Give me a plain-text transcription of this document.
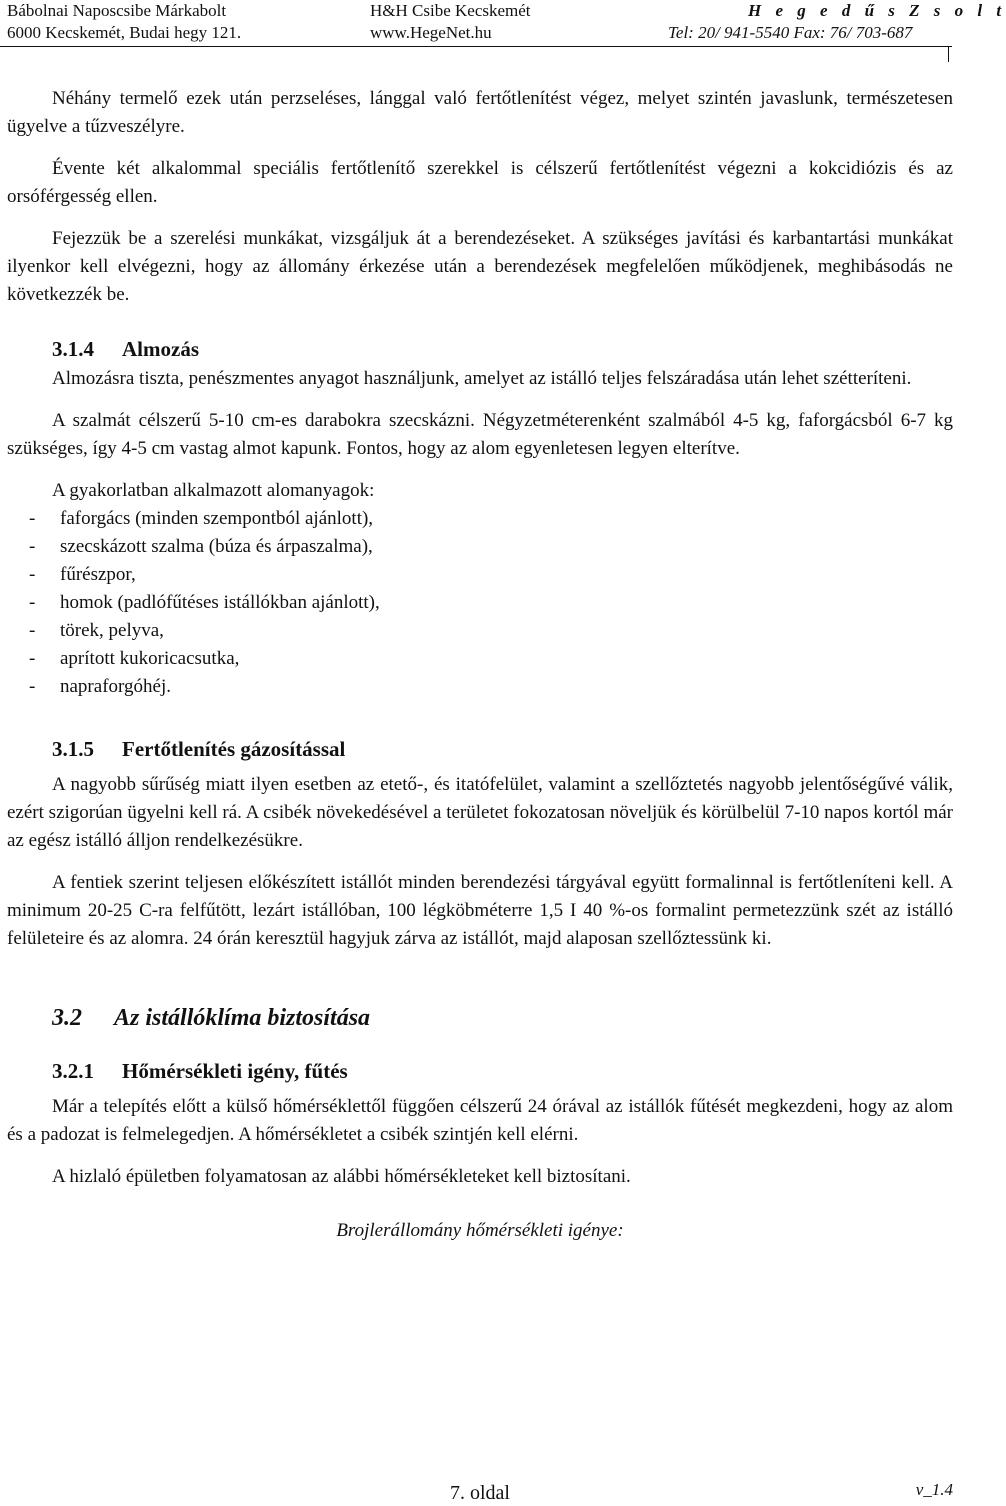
Bábolnai Naposcsibe Márkabolt
6000 Kecskemét, Budai hegy 121.
H&H Csibe Kecskemét
www.HegeNet.hu
H e g e d ű s Z s o l t
Tel: 20/ 941-5540 Fax: 76/ 703-687

Néhány termelő ezek után perzseléses, lánggal való fertőtlenítést végez, melyet szintén javaslunk, természetesen ügyelve a tűzveszélyre.

Évente két alkalommal speciális fertőtlenítő szerekkel is célszerű fertőtlenítést végezni a kokcidiózis és az orsóférgesség ellen.

Fejezzük be a szerelési munkákat, vizsgáljuk át a berendezéseket. A szükséges javítási és karbantartási munkákat ilyenkor kell elvégezni, hogy az állomány érkezése után a berendezések megfelelően működjenek, meghibásodás ne következzék be.

3.1.4 Almozás

Almozásra tiszta, penészmentes anyagot használjunk, amelyet az istálló teljes felszáradása után lehet szétteríteni.

A szalmát célszerű 5-10 cm-es darabokra szecskázni. Négyzetméterenként szalmából 4-5 kg, faforgácsból 6-7 kg szükséges, így 4-5 cm vastag almot kapunk. Fontos, hogy az alom egyenletesen legyen elterítve.

A gyakorlatban alkalmazott alomanyagok:

- faforgács (minden szempontból ajánlott),
- szecskázott szalma (búza és árpaszalma),
- fűrészpor,
- homok (padlófűtéses istállókban ajánlott),
- törek, pelyva,
- aprított kukoricacsutka,
- napraforgóhéj.
3.1.5 Fertőtlenítés gázosítással

A nagyobb sűrűség miatt ilyen esetben az etető-, és itatófelület, valamint a szellőztetés nagyobb jelentőségűvé válik, ezért szigorúan ügyelni kell rá. A csibék növekedésével a területet fokozatosan növeljük és körülbelül 7-10 napos kortól már az egész istálló álljon rendelkezésükre.

A fentiek szerint teljesen előkészített istállót minden berendezési tárgyával együtt formalinnal is fertőtleníteni kell. A minimum 20-25 C-ra felfűtött, lezárt istállóban, 100 légköbméterre 1,5 I 40 %-os formalint permetezzünk szét az istálló felületeire és az alomra. 24 órán keresztül hagyjuk zárva az istállót, majd alaposan szellőztessünk ki.

3.2 Az istállóklíma biztosítása
3.2.1 Hőmérsékleti igény, fűtés

Már a telepítés előtt a külső hőmérséklettől függően célszerű 24 órával az istállók fűtését megkezdeni, hogy az alom és a padozat is felmelegedjen. A hőmérsékletet a csibék szintjén kell elérni.

A hizlaló épületben folyamatosan az alábbi hőmérsékleteket kell biztosítani.

Brojlerállomány hőmérsékleti igénye:

7. oldal	v_1.4
